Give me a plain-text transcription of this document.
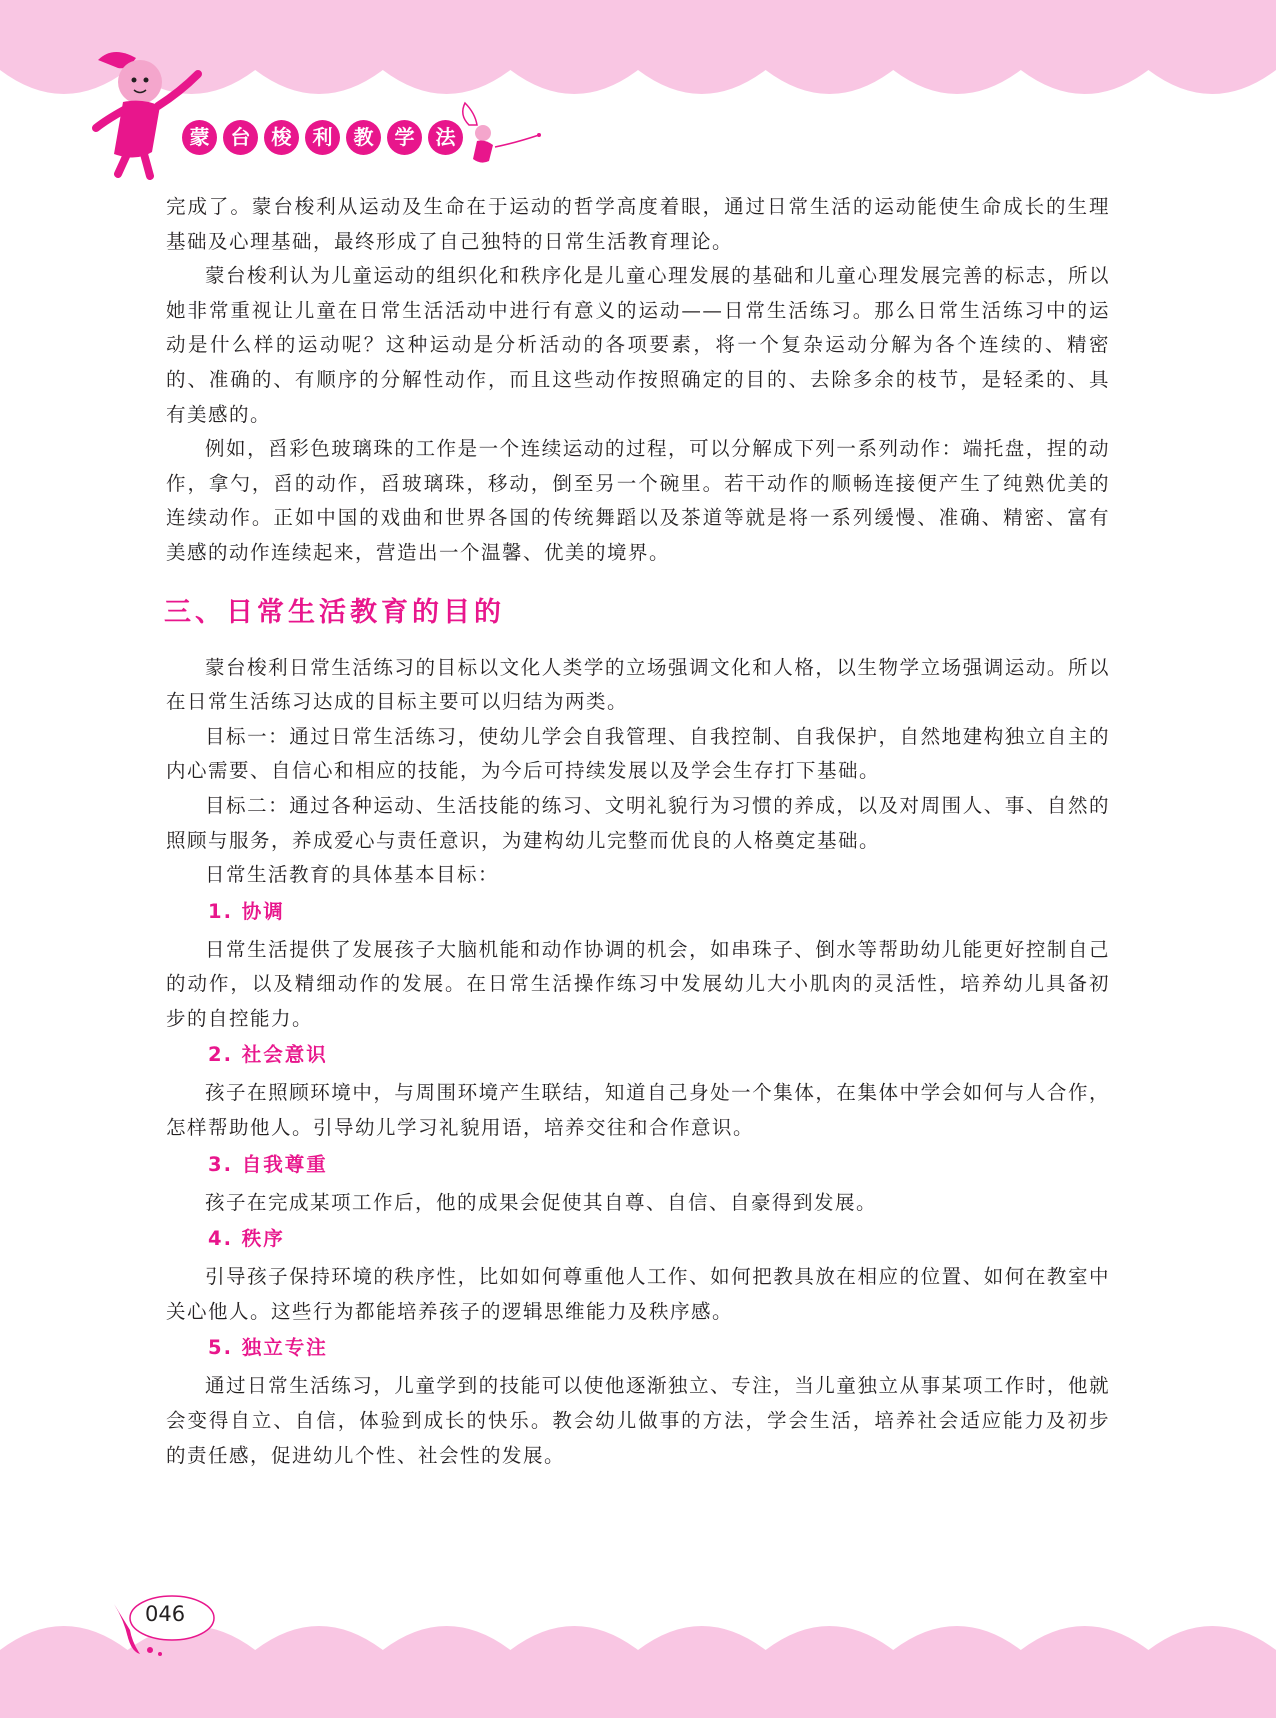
蒙	台	梭	利	教	学	法

完成了。蒙台梭利从运动及生命在于运动的哲学高度着眼，通过日常生活的运动能使生命成长的生理基础及心理基础，最终形成了自己独特的日常生活教育理论。

蒙台梭利认为儿童运动的组织化和秩序化是儿童心理发展的基础和儿童心理发展完善的标志，所以她非常重视让儿童在日常生活活动中进行有意义的运动——日常生活练习。那么日常生活练习中的运动是什么样的运动呢？这种运动是分析活动的各项要素，将一个复杂运动分解为各个连续的、精密的、准确的、有顺序的分解性动作，而且这些动作按照确定的目的、去除多余的枝节，是轻柔的、具有美感的。

例如，舀彩色玻璃珠的工作是一个连续运动的过程，可以分解成下列一系列动作：端托盘，捏的动作，拿勺，舀的动作，舀玻璃珠，移动，倒至另一个碗里。若干动作的顺畅连接便产生了纯熟优美的连续动作。正如中国的戏曲和世界各国的传统舞蹈以及茶道等就是将一系列缓慢、准确、精密、富有美感的动作连续起来，营造出一个温馨、优美的境界。

三、日常生活教育的目的

蒙台梭利日常生活练习的目标以文化人类学的立场强调文化和人格，以生物学立场强调运动。所以在日常生活练习达成的目标主要可以归结为两类。

目标一：通过日常生活练习，使幼儿学会自我管理、自我控制、自我保护，自然地建构独立自主的内心需要、自信心和相应的技能，为今后可持续发展以及学会生存打下基础。

目标二：通过各种运动、生活技能的练习、文明礼貌行为习惯的养成，以及对周围人、事、自然的照顾与服务，养成爱心与责任意识，为建构幼儿完整而优良的人格奠定基础。

日常生活教育的具体基本目标：

1. 协调

日常生活提供了发展孩子大脑机能和动作协调的机会，如串珠子、倒水等帮助幼儿能更好控制自己的动作，以及精细动作的发展。在日常生活操作练习中发展幼儿大小肌肉的灵活性，培养幼儿具备初步的自控能力。

2. 社会意识

孩子在照顾环境中，与周围环境产生联结，知道自己身处一个集体，在集体中学会如何与人合作，怎样帮助他人。引导幼儿学习礼貌用语，培养交往和合作意识。

3. 自我尊重

孩子在完成某项工作后，他的成果会促使其自尊、自信、自豪得到发展。

4. 秩序

引导孩子保持环境的秩序性，比如如何尊重他人工作、如何把教具放在相应的位置、如何在教室中关心他人。这些行为都能培养孩子的逻辑思维能力及秩序感。

5. 独立专注

通过日常生活练习，儿童学到的技能可以使他逐渐独立、专注，当儿童独立从事某项工作时，他就会变得自立、自信，体验到成长的快乐。教会幼儿做事的方法，学会生活，培养社会适应能力及初步的责任感，促进幼儿个性、社会性的发展。

046
